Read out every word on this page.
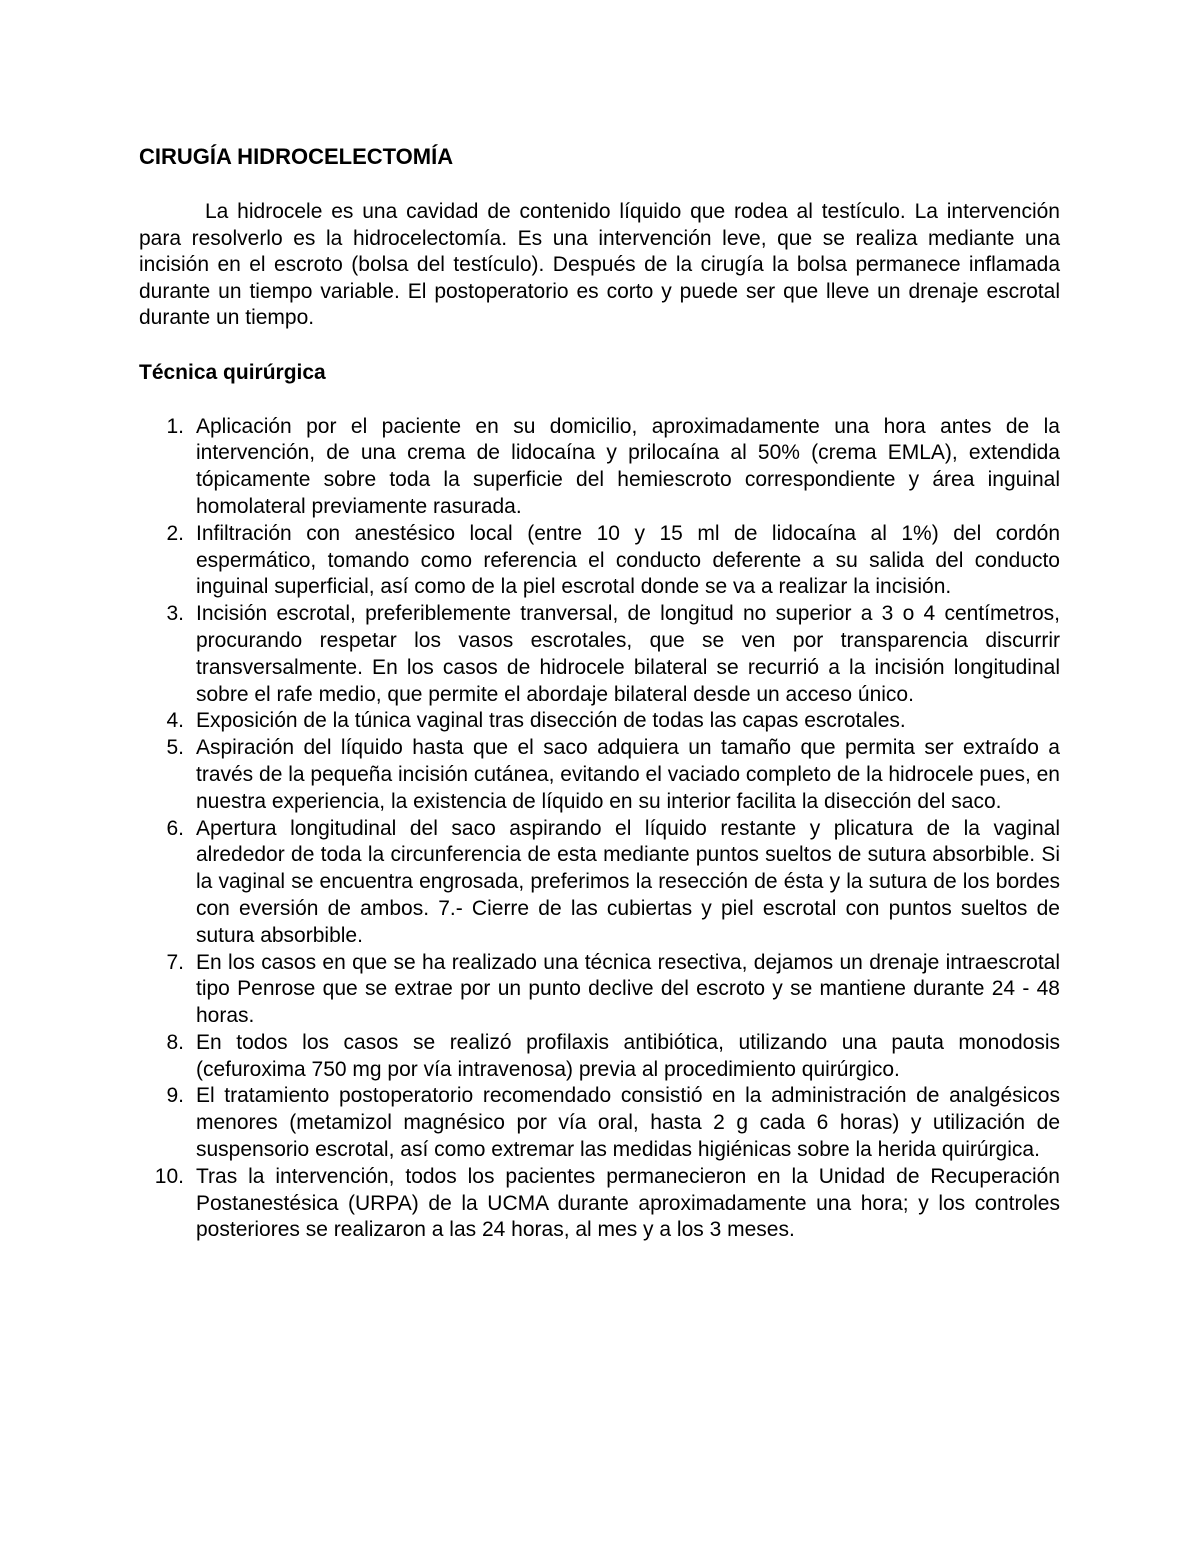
CIRUGÍA HIDROCELECTOMÍA

La hidrocele es una cavidad de contenido líquido que rodea al testículo. La intervención para resolverlo es la hidrocelectomía. Es una intervención leve, que se realiza mediante una incisión en el escroto (bolsa del testículo). Después de la cirugía la bolsa permanece inflamada durante un tiempo variable. El postoperatorio es corto y puede ser que lleve un drenaje escrotal durante un tiempo.

Técnica quirúrgica
1. Aplicación por el paciente en su domicilio, aproximadamente una hora antes de la intervención, de una crema de lidocaína y prilocaína al 50% (crema EMLA), extendida tópicamente sobre toda la superficie del hemiescroto correspondiente y área inguinal homolateral previamente rasurada.
2. Infiltración con anestésico local (entre 10 y 15 ml de lidocaína al 1%) del cordón espermático, tomando como referencia el conducto deferente a su salida del conducto inguinal superficial, así como de la piel escrotal donde se va a realizar la incisión.
3. Incisión escrotal, preferiblemente tranversal, de longitud no superior a 3 o 4 centímetros, procurando respetar los vasos escrotales, que se ven por transparencia discurrir transversalmente. En los casos de hidrocele bilateral se recurrió a la incisión longitudinal sobre el rafe medio, que permite el abordaje bilateral desde un acceso único.
4. Exposición de la túnica vaginal tras disección de todas las capas escrotales.
5. Aspiración del líquido hasta que el saco adquiera un tamaño que permita ser extraído a través de la pequeña incisión cutánea, evitando el vaciado completo de la hidrocele pues, en nuestra experiencia, la existencia de líquido en su interior facilita la disección del saco.
6. Apertura longitudinal del saco aspirando el líquido restante y plicatura de la vaginal alrededor de toda la circunferencia de esta mediante puntos sueltos de sutura absorbible. Si la vaginal se encuentra engrosada, preferimos la resección de ésta y la sutura de los bordes con eversión de ambos. 7.- Cierre de las cubiertas y piel escrotal con puntos sueltos de sutura absorbible.
7. En los casos en que se ha realizado una técnica resectiva, dejamos un drenaje intraescrotal tipo Penrose que se extrae por un punto declive del escroto y se mantiene durante 24 - 48 horas.
8. En todos los casos se realizó profilaxis antibiótica, utilizando una pauta monodosis (cefuroxima 750 mg por vía intravenosa) previa al procedimiento quirúrgico.
9. El tratamiento postoperatorio recomendado consistió en la administración de analgésicos menores (metamizol magnésico por vía oral, hasta 2 g cada 6 horas) y utilización de suspensorio escrotal, así como extremar las medidas higiénicas sobre la herida quirúrgica.
10. Tras la intervención, todos los pacientes permanecieron en la Unidad de Recuperación Postanestésica (URPA) de la UCMA durante aproximadamente una hora; y los controles posteriores se realizaron a las 24 horas, al mes y a los 3 meses.
